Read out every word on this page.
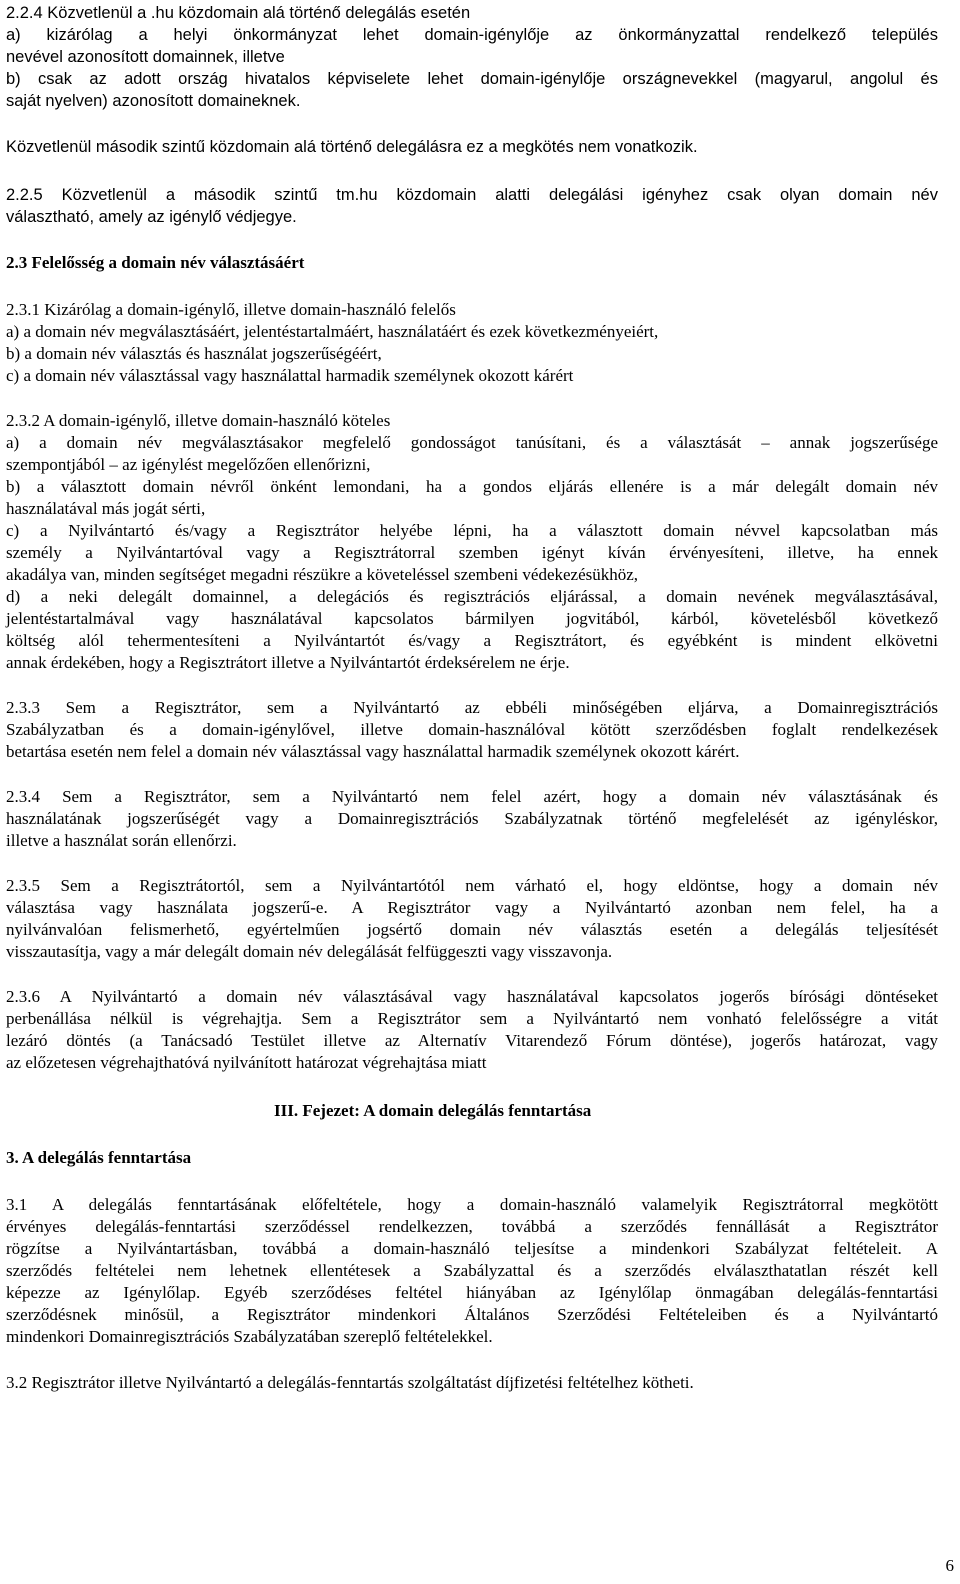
2.2.4 Közvetlenül a .hu közdomain alá történő delegálás esetén
a) kizárólag a helyi önkormányzat lehet domain-igénylője az önkormányzattal rendelkező település
nevével azonosított domainnek, illetve
b) csak az adott ország hivatalos képviselete lehet domain-igénylője országnevekkel (magyarul, angolul és
saját nyelven) azonosított domaineknek.
Közvetlenül második szintű közdomain alá történő delegálásra ez a megkötés nem vonatkozik.
2.2.5 Közvetlenül a második szintű tm.hu közdomain alatti delegálási igényhez csak olyan domain név
választható, amely az igénylő védjegye.
2.3 Felelősség a domain név választásáért
2.3.1 Kizárólag a domain-igénylő, illetve domain-használó felelős
a) a domain név megválasztásáért, jelentéstartalmáért, használatáért és ezek következményeiért,
b) a domain név választás és használat jogszerűségéért,
c) a domain név választással vagy használattal harmadik személynek okozott kárért
2.3.2 A domain-igénylő, illetve domain-használó köteles
a) a domain név megválasztásakor megfelelő gondosságot tanúsítani, és a választását – annak jogszerűsége
szempontjából – az igénylést megelőzően ellenőrizni,
b) a választott domain névről önként lemondani, ha a gondos eljárás ellenére is a már delegált domain név
használatával más jogát sérti,
c) a Nyilvántartó és/vagy a Regisztrátor helyébe lépni, ha a választott domain névvel kapcsolatban más
személy a Nyilvántartóval vagy a Regisztrátorral szemben igényt kíván érvényesíteni, illetve, ha ennek
akadálya van, minden segítséget megadni részükre a követeléssel szembeni védekezésükhöz,
d) a neki delegált domainnel, a delegációs és regisztrációs eljárással, a domain nevének megválasztásával,
jelentéstartalmával vagy használatával kapcsolatos bármilyen jogvitából, kárból, követelésből következő
költség alól tehermentesíteni a Nyilvántartót és/vagy a Regisztrátort, és egyébként is mindent elkövetni
annak érdekében, hogy a Regisztrátort illetve a Nyilvántartót érdeksérelem ne érje.
2.3.3 Sem a Regisztrátor, sem a Nyilvántartó az ebbéli minőségében eljárva, a Domainregisztrációs
Szabályzatban és a domain-igénylővel, illetve domain-használóval kötött szerződésben foglalt rendelkezések
betartása esetén nem felel a domain név választással vagy használattal harmadik személynek okozott kárért.
2.3.4 Sem a Regisztrátor, sem a Nyilvántartó nem felel azért, hogy a domain név választásának és
használatának jogszerűségét vagy a Domainregisztrációs Szabályzatnak történő megfelelését az igényléskor,
illetve a használat során ellenőrzi.
2.3.5 Sem a Regisztrátortól, sem a Nyilvántartótól nem várható el, hogy eldöntse, hogy a domain név
választása vagy használata jogszerű-e. A Regisztrátor vagy a Nyilvántartó azonban nem felel, ha a
nyilvánvalóan felismerhető, egyértelműen jogsértő domain név választás esetén a delegálás teljesítését
visszautasítja, vagy a már delegált domain név delegálását felfüggeszti vagy visszavonja.
2.3.6 A Nyilvántartó a domain név választásával vagy használatával kapcsolatos jogerős bírósági döntéseket
perbenállása nélkül is végrehajtja. Sem a Regisztrátor sem a Nyilvántartó nem vonható felelősségre a vitát
lezáró döntés (a Tanácsadó Testület illetve az Alternatív Vitarendező Fórum döntése), jogerős határozat, vagy
az előzetesen végrehajthatóvá nyilvánított határozat végrehajtása miatt
III. Fejezet: A domain delegálás fenntartása
3. A delegálás fenntartása
3.1 A delegálás fenntartásának előfeltétele, hogy a domain-használó valamelyik Regisztrátorral megkötött
érvényes delegálás-fenntartási szerződéssel rendelkezzen, továbbá a szerződés fennállását a Regisztrátor
rögzítse a Nyilvántartásban, továbbá a domain-használó teljesítse a mindenkori Szabályzat feltételeit. A
szerződés feltételei nem lehetnek ellentétesek a Szabályzattal és a szerződés elválaszthatatlan részét kell
képezze az Igénylőlap. Egyéb szerződéses feltétel hiányában az Igénylőlap önmagában delegálás-fenntartási
szerződésnek minősül, a Regisztrátor mindenkori Általános Szerződési Feltételeiben és a Nyilvántartó
mindenkori Domainregisztrációs Szabályzatában szereplő feltételekkel.
3.2 Regisztrátor illetve Nyilvántartó a delegálás-fenntartás szolgáltatást díjfizetési feltételhez kötheti.
6
